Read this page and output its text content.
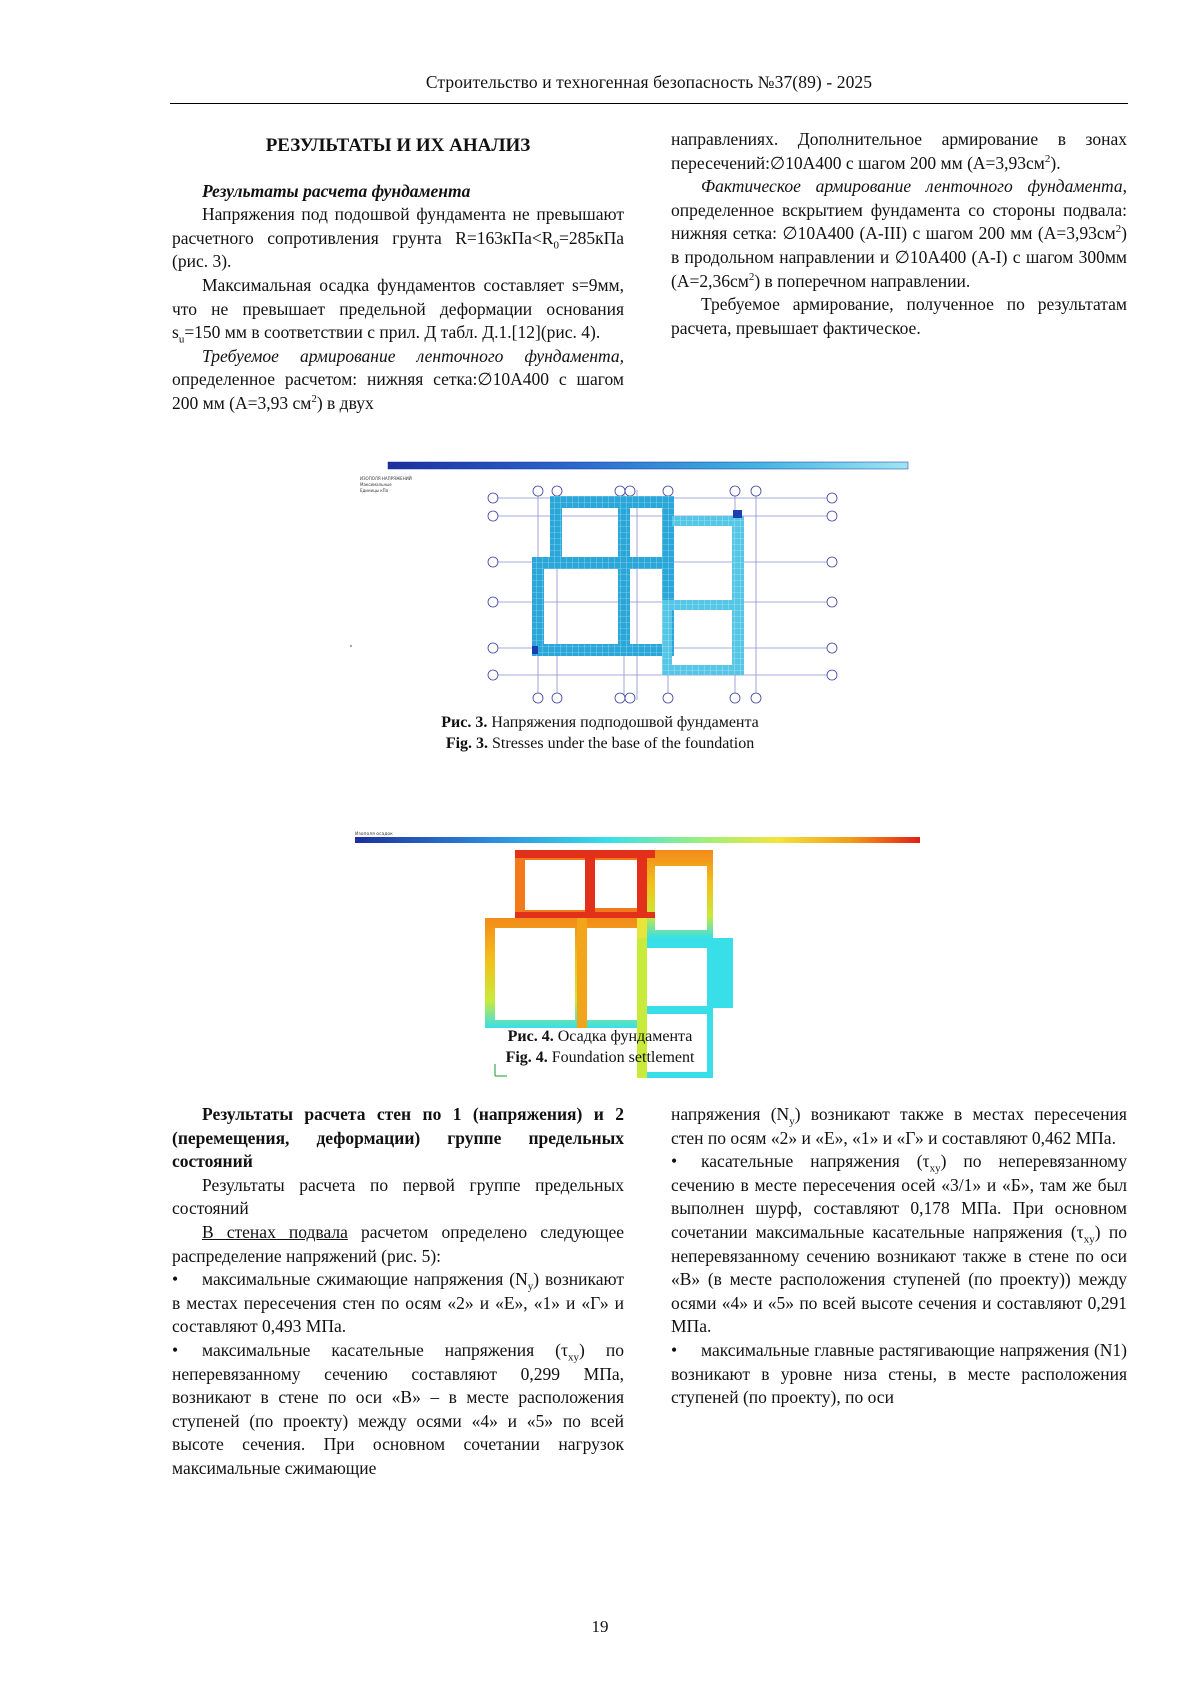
Строительство и техногенная безопасность №37(89) - 2025

РЕЗУЛЬТАТЫ И ИХ АНАЛИЗ

Результаты расчета фундамента

Напряжения под подошвой фундамента не превышают расчетного сопротивления грунта $R=163кПа<R_0=285кПа$ (рис. 3).

Максимальная осадка фундаментов составляет s=9мм, что не превышает предельной деформации основания $s_u=150$ мм в соответствии с прил. Д табл. Д.1.[12](рис. 4).

Требуемое армирование ленточного фундамента, определенное расчетом: нижняя сетка:∅10А400 с шагом 200 мм (А=3,93 $см^2$) в двух

направлениях. Дополнительное армирование в зонах пересечений:∅10А400 с шагом 200 мм $(А=3,93см^2)$.

Фактическое армирование ленточного фундамента, определенное вскрытием фундамента со стороны подвала: нижняя сетка: ∅10А400 (А-III) с шагом 200 мм $(А=3,93см^2)$ в продольном направлении и ∅10А400 (А-I) с шагом 300мм $(А=2,36см^2)$ в поперечном направлении.

Требуемое армирование, полученное по результатам расчета, превышает фактическое.

ИЗОПОЛЯ НАПРЯЖЕНИЙ
Максимальные
Единицы кПа
Рис. 3. Напряжения подподошвой фундамента
Fig. 3. Stresses under the base of the foundation
Изополя осадок
Рис. 4. Осадка фундамента
Fig. 4. Foundation settlement

Результаты расчета стен по 1 (напряжения) и 2 (перемещения, деформации) группе предельных состояний

Результаты расчета по первой группе предельных состояний

В стенах подвала расчетом определено следующее распределение напряжений (рис. 5):

• максимальные сжимающие напряжения $(N_y)$ возникают в местах пересечения стен по осям «2» и «Е», «1» и «Г» и составляют 0,493 МПа.

• максимальные касательные напряжения $(\tau_{xy})$ по неперевязанному сечению составляют 0,299 МПа, возникают в стене по оси «В» – в месте расположения ступеней (по проекту) между осями «4» и «5» по всей высоте сечения. При основном сочетании нагрузок максимальные сжимающие

напряжения $(N_y)$ возникают также в местах пересечения стен по осям «2» и «Е», «1» и «Г» и составляют 0,462 МПа.

• касательные напряжения $(\tau_{xy})$ по неперевязанному сечению в месте пересечения осей «3/1» и «Б», там же был выполнен шурф, составляют 0,178 МПа. При основном сочетании максимальные касательные напряжения $(\tau_{xy})$ по неперевязанному сечению возникают также в стене по оси «В» (в месте расположения ступеней (по проекту)) между осями «4» и «5» по всей высоте сечения и составляют 0,291 МПа.

• максимальные главные растягивающие напряжения (N1) возникают в уровне низа стены, в месте расположения ступеней (по проекту), по оси

19
